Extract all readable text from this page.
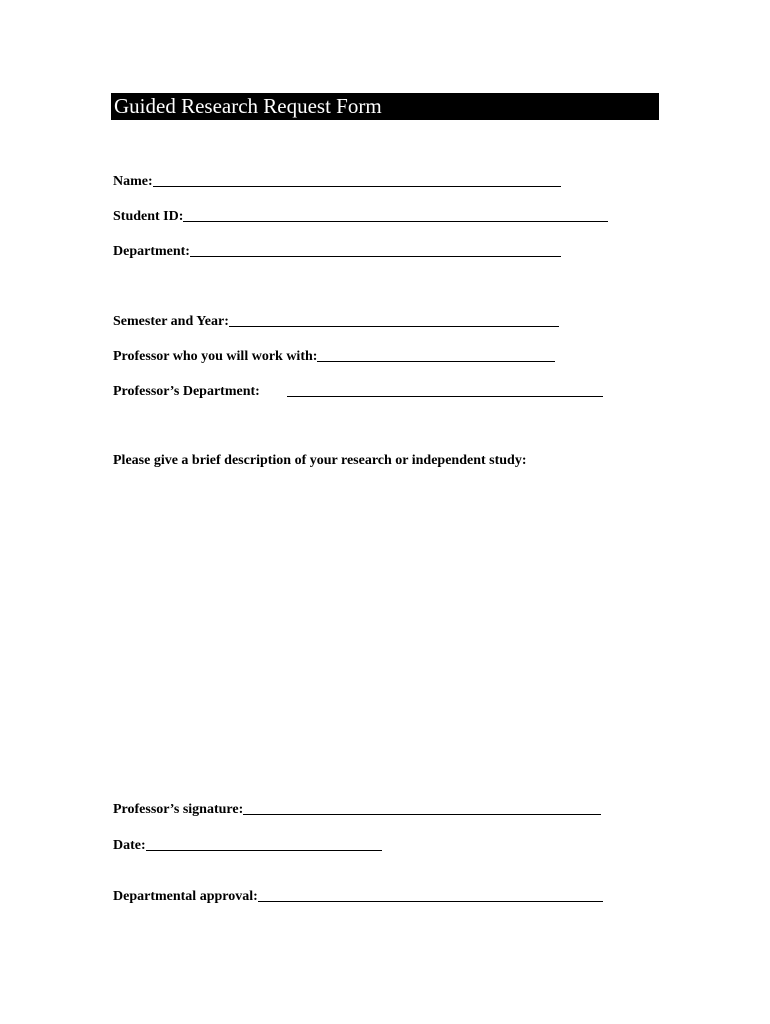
Guided Research Request Form
Name:
Student ID:
Department:
Semester and Year:
Professor who you will work with:
Professor’s Department:
Please give a brief description of your research or independent study:
Professor’s signature:
Date:
Departmental approval:
